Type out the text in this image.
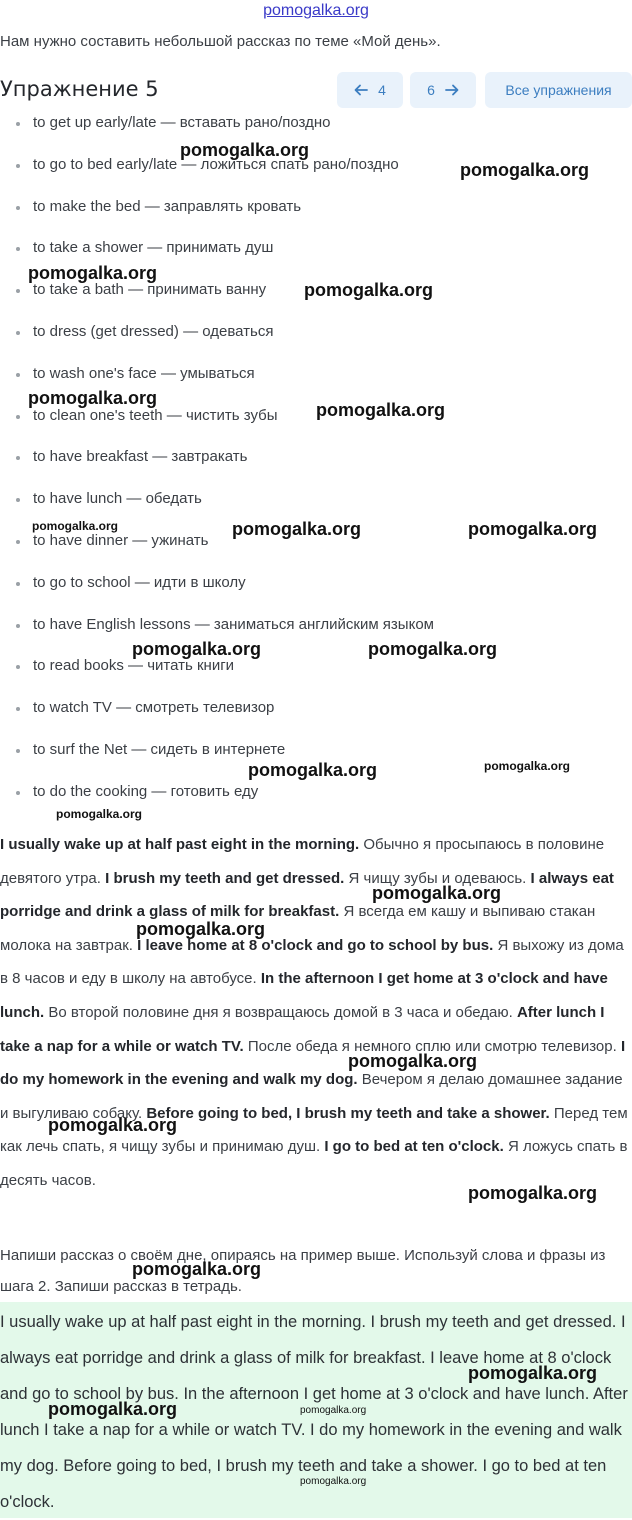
pomogalka.org
Нам нужно составить небольшой рассказ по теме «Мой день».
Упражнение 5	4	6	Все упражнения
to get up early/late — вставать рано/поздно
to go to bed early/late — ложиться спать рано/поздно
to make the bed — заправлять кровать
to take a shower — принимать душ
to take a bath — принимать ванну
to dress (get dressed) — одеваться
to wash one's face — умываться
to clean one's teeth — чистить зубы
to have breakfast — завтракать
to have lunch — обедать
to have dinner — ужинать
to go to school — идти в школу
to have English lessons — заниматься английским языком
to read books — читать книги
to watch TV — смотреть телевизор
to surf the Net — сидеть в интернете
to do the cooking — готовить еду
I usually wake up at half past eight in the morning. Обычно я просыпаюсь в половине девятого утра. I brush my teeth and get dressed. Я чищу зубы и одеваюсь. I always eat porridge and drink a glass of milk for breakfast. Я всегда ем кашу и выпиваю стакан молока на завтрак. I leave home at 8 o'clock and go to school by bus. Я выхожу из дома в 8 часов и еду в школу на автобусе. In the afternoon I get home at 3 o'clock and have lunch. Во второй половине дня я возвращаюсь домой в 3 часа и обедаю. After lunch I take a nap for a while or watch TV. После обеда я немного сплю или смотрю телевизор. I do my homework in the evening and walk my dog. Вечером я делаю домашнее задание и выгуливаю собаку. Before going to bed, I brush my teeth and take a shower. Перед тем как лечь спать, я чищу зубы и принимаю душ. I go to bed at ten o'clock. Я ложусь спать в десять часов.
Напиши рассказ о своём дне, опираясь на пример выше. Используй слова и фразы из шага 2. Запиши рассказ в тетрадь.
I usually wake up at half past eight in the morning. I brush my teeth and get dressed. I always eat porridge and drink a glass of milk for breakfast. I leave home at 8 o'clock and go to school by bus. In the afternoon I get home at 3 o'clock and have lunch. After lunch I take a nap for a while or watch TV. I do my homework in the evening and walk my dog. Before going to bed, I brush my teeth and take a shower. I go to bed at ten o'clock.
pomogalka.org
pomogalka.org
pomogalka.org
pomogalka.org
pomogalka.org
pomogalka.org
pomogalka.org	pomogalka.org	pomogalka.org
pomogalka.org	pomogalka.org
pomogalka.org	pomogalka.org
pomogalka.org
pomogalka.org
pomogalka.org
pomogalka.org
pomogalka.org
pomogalka.org
pomogalka.org
pomogalka.org
pomogalka.org	pomogalka.org
pomogalka.org
